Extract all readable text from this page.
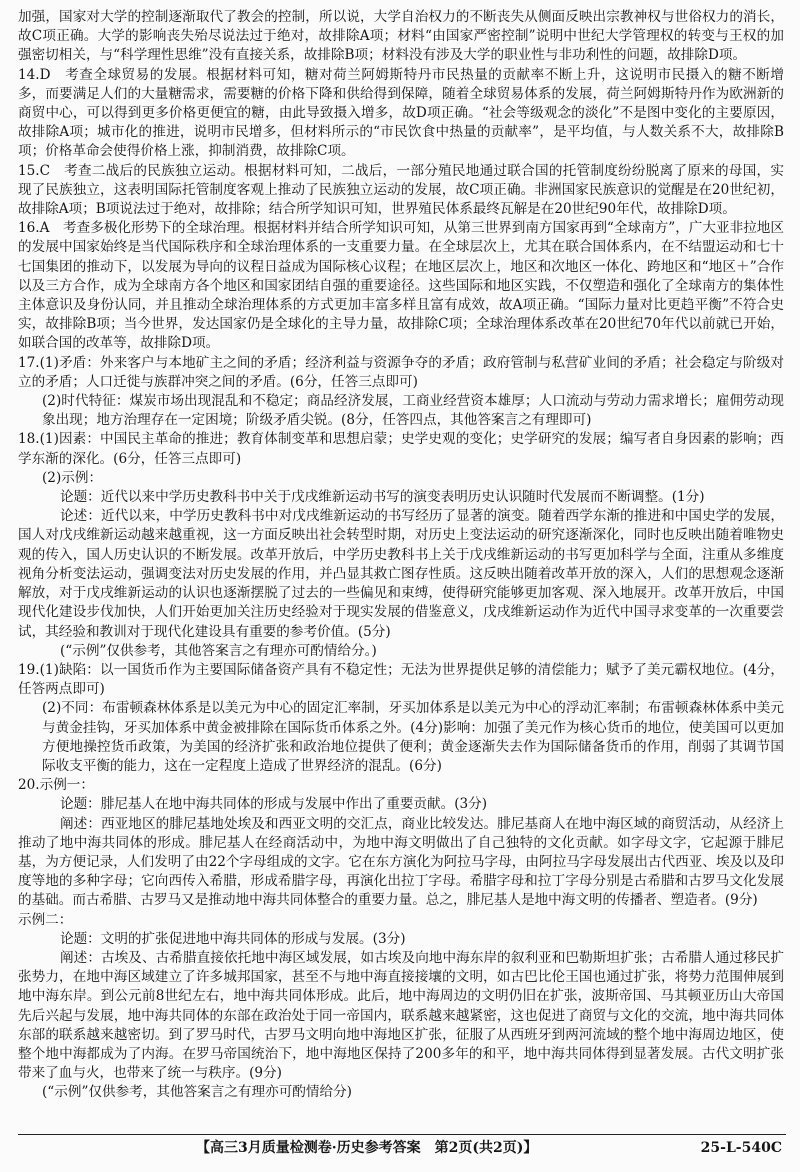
加强，国家对大学的控制逐渐取代了教会的控制，所以说，大学自治权力的不断丧失从侧面反映出宗教神权与世俗权力的消长，故C项正确。大学的影响丧失殆尽说法过于绝对，故排除A项；材料“由国家严密控制”说明中世纪大学管理权的转变与王权的加强密切相关，与“科学理性思维”没有直接关系，故排除B项；材料没有涉及大学的职业性与非功利性的问题，故排除D项。

14.D　考查全球贸易的发展。根据材料可知，糖对荷兰阿姆斯特丹市民热量的贡献率不断上升，这说明市民摄入的糖不断增多，而要满足人们的大量糖需求，需要糖的价格下降和供给得到保障，随着全球贸易体系的发展，荷兰阿姆斯特丹作为欧洲新的商贸中心，可以得到更多价格更便宜的糖，由此导致摄入增多，故D项正确。“社会等级观念的淡化”不是图中变化的主要原因，故排除A项；城市化的推进，说明市民增多，但材料所示的“市民饮食中热量的贡献率”，是平均值，与人数关系不大，故排除B项；价格革命会使得价格上涨，抑制消费，故排除C项。

15.C　考查二战后的民族独立运动。根据材料可知，二战后，一部分殖民地通过联合国的托管制度纷纷脱离了原来的母国，实现了民族独立，这表明国际托管制度客观上推动了民族独立运动的发展，故C项正确。非洲国家民族意识的觉醒是在20世纪初，故排除A项；B项说法过于绝对，故排除；结合所学知识可知，世界殖民体系最终瓦解是在20世纪90年代，故排除D项。

16.A　考查多极化形势下的全球治理。根据材料并结合所学知识可知，从第三世界到南方国家再到“全球南方”，广大亚非拉地区的发展中国家始终是当代国际秩序和全球治理体系的一支重要力量。在全球层次上，尤其在联合国体系内，在不结盟运动和七十七国集团的推动下，以发展为导向的议程日益成为国际核心议程；在地区层次上，地区和次地区一体化、跨地区和“地区＋”合作以及三方合作，成为全球南方各个地区和国家团结自强的重要途径。这些国际和地区实践，不仅塑造和强化了全球南方的集体性主体意识及身份认同，并且推动全球治理体系的方式更加丰富多样且富有成效，故A项正确。“国际力量对比更趋平衡”不符合史实，故排除B项；当今世界，发达国家仍是全球化的主导力量，故排除C项；全球治理体系改革在20世纪70年代以前就已开始，如联合国的改革等，故排除D项。

17.(1)矛盾：外来客户与本地矿主之间的矛盾；经济利益与资源争夺的矛盾；政府管制与私营矿业间的矛盾；社会稳定与阶级对立的矛盾；人口迁徙与族群冲突之间的矛盾。(6分，任答三点即可)

(2)时代特征：煤炭市场出现混乱和不稳定；商品经济发展，工商业经营资本雄厚；人口流动与劳动力需求增长；雇佣劳动现象出现；地方治理存在一定困境；阶级矛盾尖锐。(8分，任答四点，其他答案言之有理即可)

18.(1)因素：中国民主革命的推进；教育体制变革和思想启蒙；史学史观的变化；史学研究的发展；编写者自身因素的影响；西学东渐的深化。(6分，任答三点即可)

(2)示例：

论题：近代以来中学历史教科书中关于戊戌维新运动书写的演变表明历史认识随时代发展而不断调整。(1分)

论述：近代以来，中学历史教科书中对戊戌维新运动的书写经历了显著的演变。随着西学东渐的推进和中国史学的发展，国人对戊戌维新运动越来越重视，这一方面反映出社会转型时期，对历史上变法运动的研究逐渐深化，同时也反映出随着唯物史观的传入，国人历史认识的不断发展。改革开放后，中学历史教科书上关于戊戌维新运动的书写更加科学与全面，注重从多维度视角分析变法运动，强调变法对历史发展的作用，并凸显其救亡图存性质。这反映出随着改革开放的深入，人们的思想观念逐渐解放，对于戊戌维新运动的认识也逐渐摆脱了过去的一些偏见和束缚，使得研究能够更加客观、深入地展开。改革开放后，中国现代化建设步伐加快，人们开始更加关注历史经验对于现实发展的借鉴意义，戊戌维新运动作为近代中国寻求变革的一次重要尝试，其经验和教训对于现代化建设具有重要的参考价值。(5分)

(“示例”仅供参考，其他答案言之有理亦可酌情给分。)

19.(1)缺陷：以一国货币作为主要国际储备资产具有不稳定性；无法为世界提供足够的清偿能力；赋予了美元霸权地位。(4分，任答两点即可)

(2)不同：布雷顿森林体系是以美元为中心的固定汇率制，牙买加体系是以美元为中心的浮动汇率制；布雷顿森林体系中美元与黄金挂钩，牙买加体系中黄金被排除在国际货币体系之外。(4分)影响：加强了美元作为核心货币的地位，使美国可以更加方便地操控货币政策，为美国的经济扩张和政治地位提供了便利；黄金逐渐失去作为国际储备货币的作用，削弱了其调节国际收支平衡的能力，这在一定程度上造成了世界经济的混乱。(6分)

20.示例一：

论题：腓尼基人在地中海共同体的形成与发展中作出了重要贡献。(3分)

阐述：西亚地区的腓尼基地处埃及和西亚文明的交汇点，商业比较发达。腓尼基商人在地中海区域的商贸活动，从经济上推动了地中海共同体的形成。腓尼基人在经商活动中，为地中海文明做出了自己独特的文化贡献。如字母文字，它起源于腓尼基，为方便记录，人们发明了由22个字母组成的文字。它在东方演化为阿拉马字母，由阿拉马字母发展出古代西亚、埃及以及印度等地的多种字母；它向西传入希腊，形成希腊字母，再演化出拉丁字母。希腊字母和拉丁字母分别是古希腊和古罗马文化发展的基础。而古希腊、古罗马又是推动地中海共同体整合的重要力量。总之，腓尼基人是地中海文明的传播者、塑造者。(9分)

示例二：

论题：文明的扩张促进地中海共同体的形成与发展。(3分)

阐述：古埃及、古希腊直接依托地中海区域发展，如古埃及向地中海东岸的叙利亚和巴勒斯坦扩张；古希腊人通过移民扩张势力，在地中海区域建立了许多城邦国家，甚至不与地中海直接接壤的文明，如古巴比伦王国也通过扩张，将势力范围伸展到地中海东岸。到公元前8世纪左右，地中海共同体形成。此后，地中海周边的文明仍旧在扩张，波斯帝国、马其顿亚历山大帝国先后兴起与发展，地中海共同体的东部在政治处于同一帝国内，联系越来越紧密，这也促进了商贸与文化的交流，地中海共同体东部的联系越来越密切。到了罗马时代，古罗马文明向地中海地区扩张，征服了从西班牙到两河流域的整个地中海周边地区，使整个地中海都成为了内海。在罗马帝国统治下，地中海地区保持了200多年的和平，地中海共同体得到显著发展。古代文明扩张带来了血与火，也带来了统一与秩序。(9分)

(“示例”仅供参考，其他答案言之有理亦可酌情给分)

【高三3月质量检测卷·历史参考答案　第2页(共2页)】	25-L-540C
